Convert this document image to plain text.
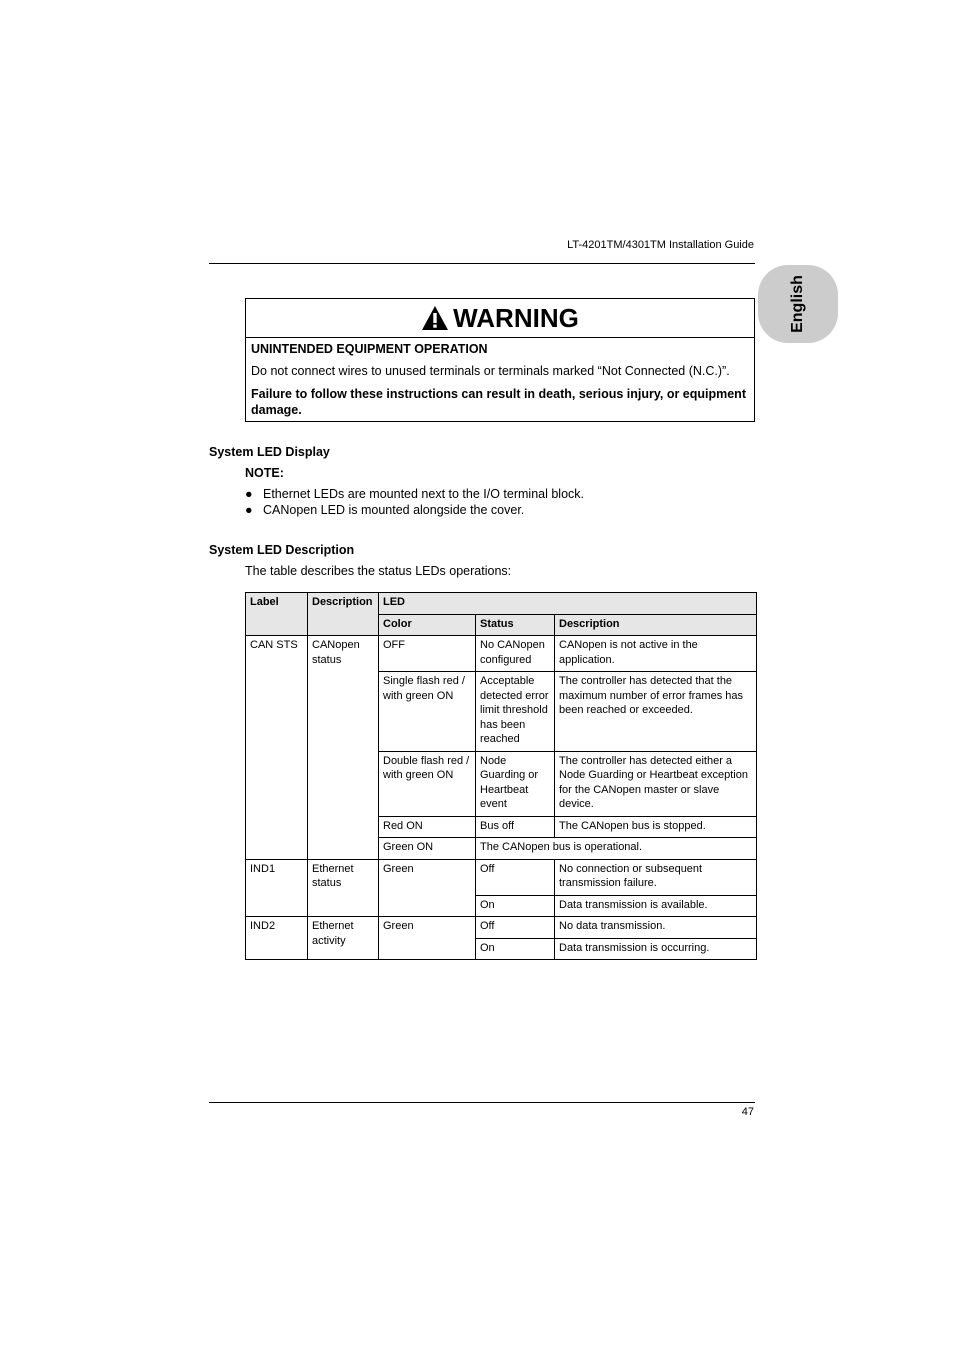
LT-4201TM/4301TM Installation Guide
English
WARNING
UNINTENDED EQUIPMENT OPERATION
Do not connect wires to unused terminals or terminals marked “Not Connected (N.C.)”.
Failure to follow these instructions can result in death, serious injury, or equipment
damage.
System LED Display
NOTE:
● Ethernet LEDs are mounted next to the I/O terminal block.
● CANopen LED is mounted alongside the cover.
System LED Description
The table describes the status LEDs operations:
Label	Description	LED		
		Color	Status	Description
CAN STS	CANopen status	OFF	No CANopen configured	CANopen is not active in the application.
		Single flash red / with green ON	Acceptable detected error limit threshold has been reached	The controller has detected that the maximum number of error frames has been reached or exceeded.
		Double flash red / with green ON	Node Guarding or Heartbeat event	The controller has detected either a Node Guarding or Heartbeat exception for the CANopen master or slave device.
		Red ON	Bus off	The CANopen bus is stopped.
		Green ON	The CANopen bus is operational.	
IND1	Ethernet status	Green	Off	No connection or subsequent transmission failure.
			On	Data transmission is available.
IND2	Ethernet activity	Green	Off	No data transmission.
			On	Data transmission is occurring.
47
